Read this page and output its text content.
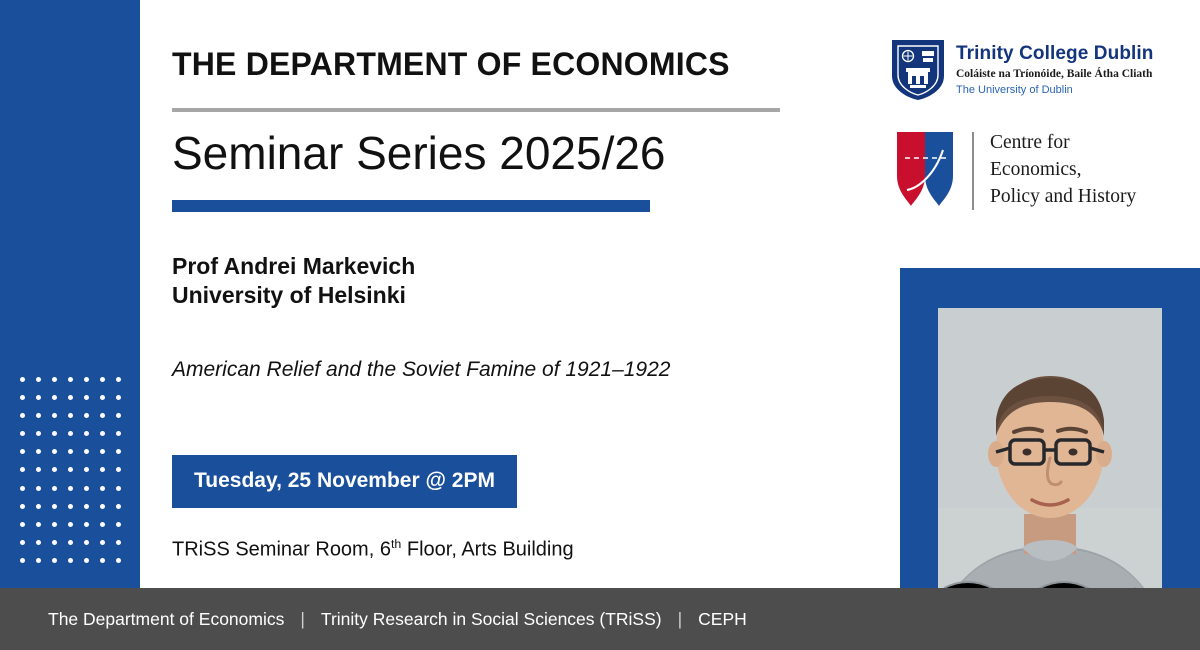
THE DEPARTMENT OF ECONOMICS
Seminar Series 2025/26
Prof Andrei Markevich
University of Helsinki
American Relief and the Soviet Famine of 1921–1922
Tuesday, 25 November @ 2PM
TRiSS Seminar Room, 6th Floor, Arts Building
Trinity College Dublin
Coláiste na Tríonóide, Baile Átha Cliath
The University of Dublin
Centre for
Economics,
Policy and History
The Department of Economics | Trinity Research in Social Sciences (TRiSS) | CEPH
